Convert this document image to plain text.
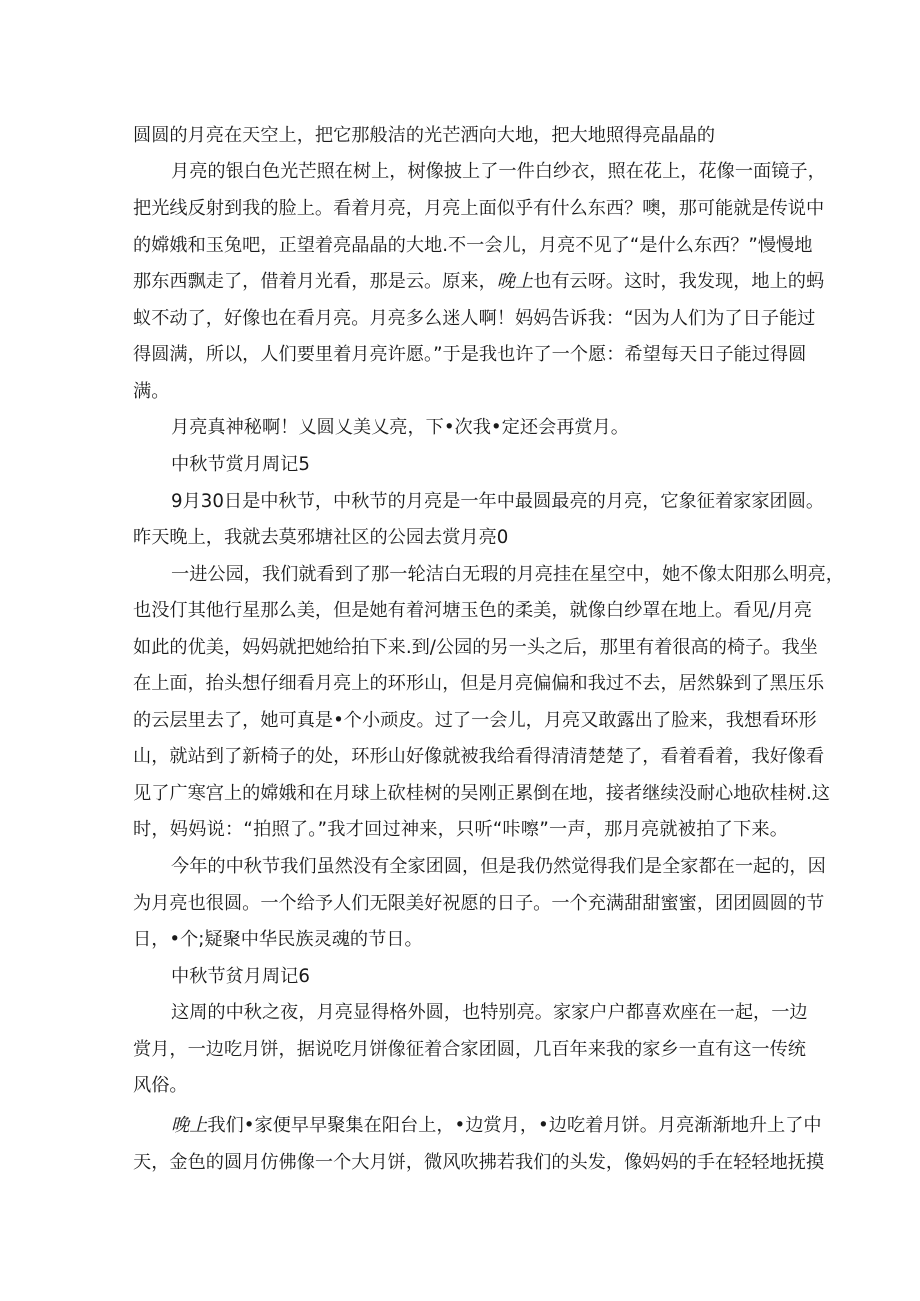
圆圆的月亮在天空上，把它那般洁的光芒洒向大地，把大地照得亮晶晶的
月亮的银白色光芒照在树上，树像披上了一件白纱衣，照在花上，花像一面镜子，
把光线反射到我的脸上。看着月亮，月亮上面似乎有什么东西？噢，那可能就是传说中
的嫦娥和玉兔吧，正望着亮晶晶的大地.不一会儿，月亮不见了“是什么东西？”慢慢地
那东西飘走了，借着月光看，那是云。原来，晚上也有云呀。这时，我发现，地上的蚂
蚁不动了，好像也在看月亮。月亮多么迷人啊！妈妈告诉我：“因为人们为了日子能过
得圆满，所以，人们要里着月亮许愿。”于是我也许了一个愿：希望每天日子能过得圆
满。
月亮真神秘啊！乂圆乂美乂亮，下•次我•定还会再赏月。
中秋节赏月周记5
9月30日是中秋节，中秋节的月亮是一年中最圆最亮的月亮，它象征着家家团圆。
昨天晚上，我就去莫邪塘社区的公园去赏月亮0
一进公园，我们就看到了那一轮洁白无瑕的月亮挂在星空中，她不像太阳那么明亮，
也没仃其他行星那么美，但是她有着河塘玉色的柔美，就像白纱罩在地上。看见/月亮
如此的优美，妈妈就把她给拍下来.到/公园的另一头之后，那里有着很高的椅子。我坐
在上面，抬头想仔细看月亮上的环形山，但是月亮偏偏和我过不去，居然躲到了黑压乐
的云层里去了，她可真是•个小顽皮。过了一会儿，月亮又敢露出了脸来，我想看环形
山，就站到了新椅子的处，环形山好像就被我给看得清清楚楚了，看着看着，我好像看
见了广寒宫上的嫦娥和在月球上砍桂树的吴刚正累倒在地，接者继续没耐心地砍桂树.这
时，妈妈说：“拍照了。”我才回过神来，只听“咔嚓”一声，那月亮就被拍了下来。
今年的中秋节我们虽然没有全家团圆，但是我仍然觉得我们是全家都在一起的，因
为月亮也很圆。一个给予人们无限美好祝愿的日子。一个充满甜甜蜜蜜，团团圆圆的节
日，•个;疑聚中华民族灵魂的节日。
中秋节贫月周记6
这周的中秋之夜，月亮显得格外圆，也特别亮。家家户户都喜欢座在一起，一边
赏月，一边吃月饼，据说吃月饼像征着合家团圆，几百年来我的家乡一直有这一传统
风俗。
晚上我们•家便早早聚集在阳台上，•边赏月，•边吃着月饼。月亮渐渐地升上了中
天，金色的圆月仿佛像一个大月饼，微风吹拂若我们的头发，像妈妈的手在轻轻地抚摸
